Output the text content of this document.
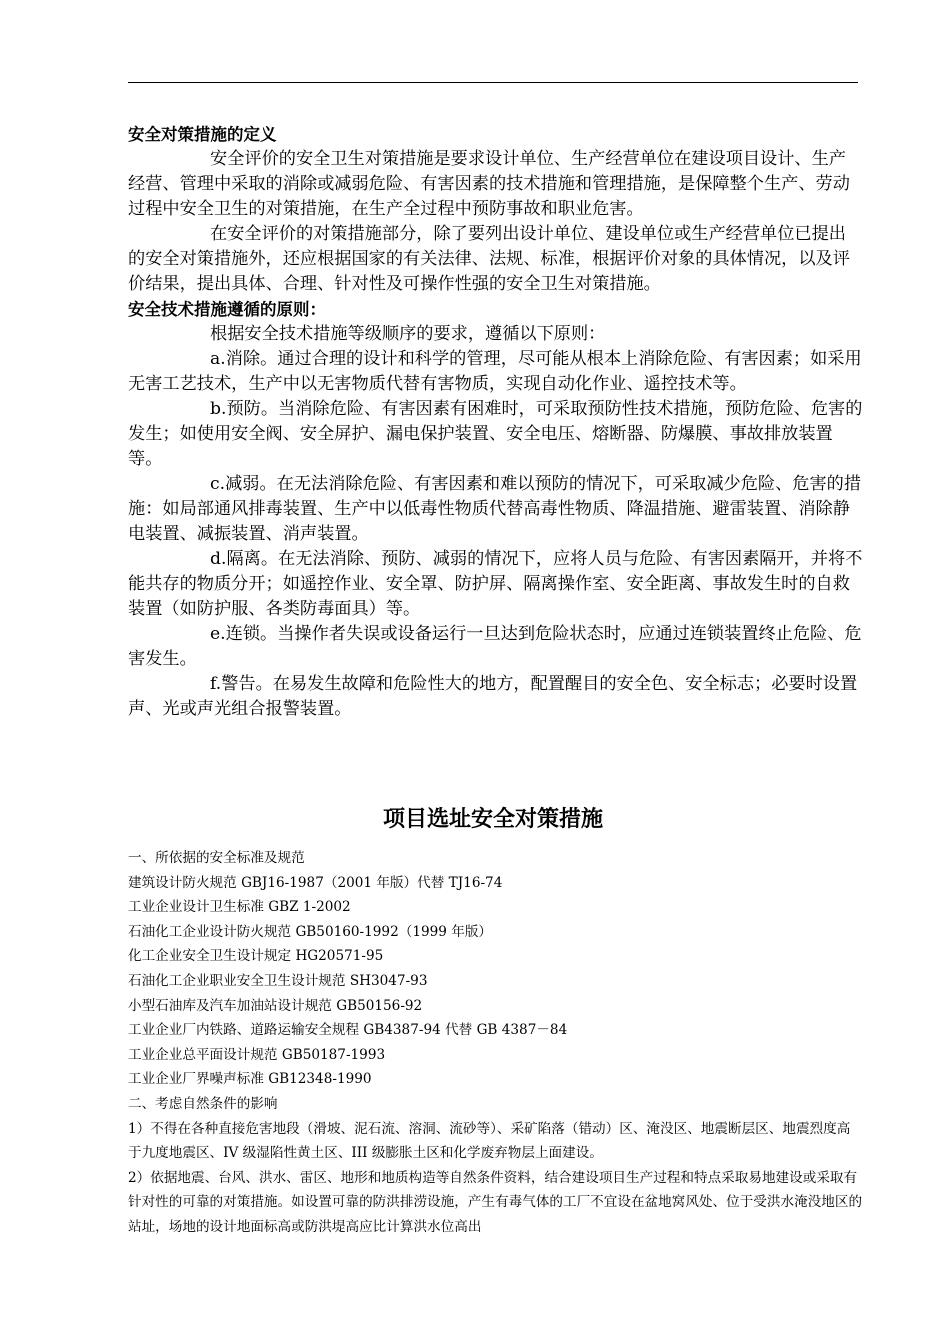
安全对策措施的定义

安全评价的安全卫生对策措施是要求设计单位、生产经营单位在建设项目设计、生产经营、管理中采取的消除或减弱危险、有害因素的技术措施和管理措施，是保障整个生产、劳动过程中安全卫生的对策措施，在生产全过程中预防事故和职业危害。

在安全评价的对策措施部分，除了要列出设计单位、建设单位或生产经营单位已提出的安全对策措施外，还应根据国家的有关法律、法规、标准，根据评价对象的具体情况，以及评价结果，提出具体、合理、针对性及可操作性强的安全卫生对策措施。

安全技术措施遵循的原则：

根据安全技术措施等级顺序的要求，遵循以下原则：

a.消除。通过合理的设计和科学的管理，尽可能从根本上消除危险、有害因素；如采用无害工艺技术，生产中以无害物质代替有害物质，实现自动化作业、遥控技术等。

b.预防。当消除危险、有害因素有困难时，可采取预防性技术措施，预防危险、危害的发生；如使用安全阀、安全屏护、漏电保护装置、安全电压、熔断器、防爆膜、事故排放装置等。

c.减弱。在无法消除危险、有害因素和难以预防的情况下，可采取减少危险、危害的措施：如局部通风排毒装置、生产中以低毒性物质代替高毒性物质、降温措施、避雷装置、消除静电装置、减振装置、消声装置。

d.隔离。在无法消除、预防、减弱的情况下，应将人员与危险、有害因素隔开，并将不能共存的物质分开；如遥控作业、安全罩、防护屏、隔离操作室、安全距离、事故发生时的自救装置（如防护服、各类防毒面具）等。

e.连锁。当操作者失误或设备运行一旦达到危险状态时，应通过连锁装置终止危险、危害发生。

f.警告。在易发生故障和危险性大的地方，配置醒目的安全色、安全标志；必要时设置声、光或声光组合报警装置。

项目选址安全对策措施

一、所依据的安全标准及规范

建筑设计防火规范 GBJ16-1987（2001 年版）代替 TJ16-74

工业企业设计卫生标准 GBZ 1-2002

石油化工企业设计防火规范 GB50160-1992（1999 年版）

化工企业安全卫生设计规定 HG20571-95

石油化工企业职业安全卫生设计规范 SH3047-93

小型石油库及汽车加油站设计规范 GB50156-92

工业企业厂内铁路、道路运输安全规程 GB4387-94 代替 GB 4387－84

工业企业总平面设计规范 GB50187-1993

工业企业厂界噪声标准 GB12348-1990

二、考虑自然条件的影响

1）不得在各种直接危害地段（滑坡、泥石流、溶洞、流砂等）、采矿陷落（错动）区、淹没区、地震断层区、地震烈度高于九度地震区、IV 级湿陷性黄土区、III 级膨胀土区和化学废弃物层上面建设。

2）依据地震、台风、洪水、雷区、地形和地质构造等自然条件资料，结合建设项目生产过程和特点采取易地建设或采取有针对性的可靠的对策措施。如设置可靠的防洪排涝设施，产生有毒气体的工厂不宜设在盆地窝风处、位于受洪水淹没地区的站址，场地的设计地面标高或防洪堤高应比计算洪水位高出
